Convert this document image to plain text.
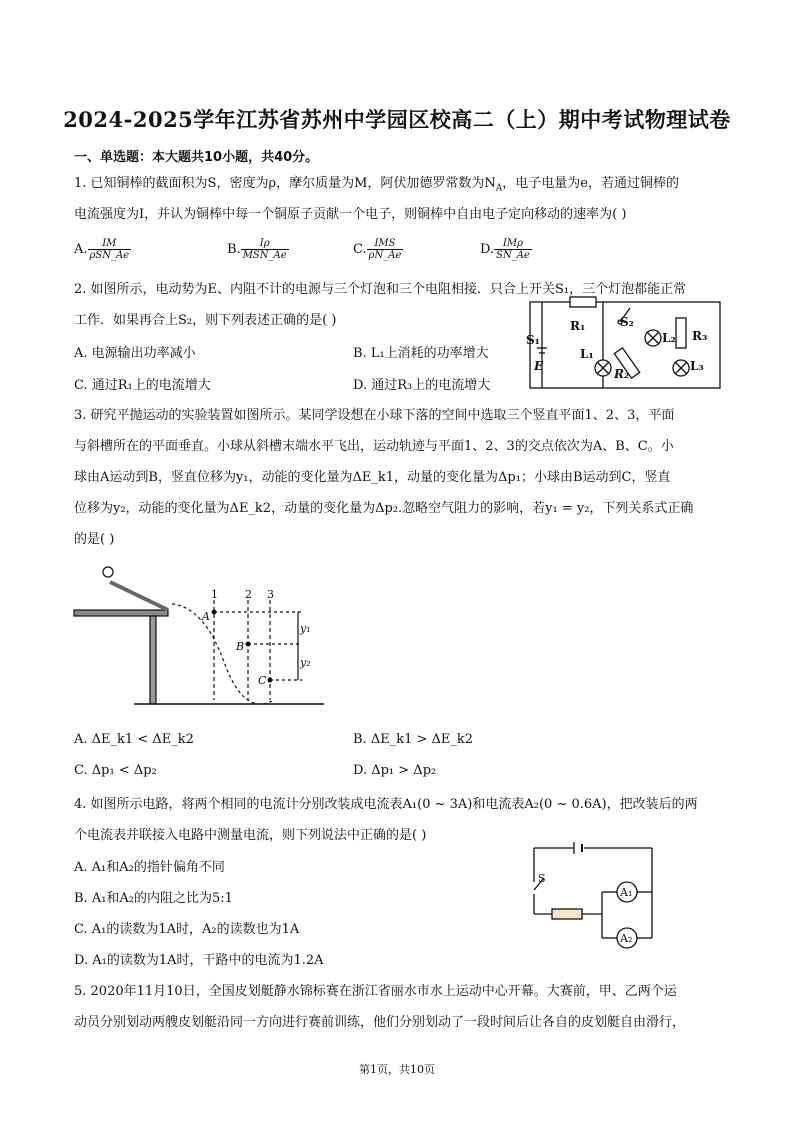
2024-2025学年江苏省苏州中学园区校高二（上）期中考试物理试卷
一、单选题：本大题共10小题，共40分。
1. 已知铜棒的截面积为S，密度为ρ，摩尔质量为M，阿伏加德罗常数为$N_A$，电子电量为e，若通过铜棒的
电流强度为I，并认为铜棒中每一个铜原子贡献一个电子，则铜棒中自由电子定向移动的速率为( )
A. $\frac{IM}{\text{ρSN\_Ae}}$	B. $\frac{I\rho}{\text{MSN\_Ae}}$	C. $\frac{\text{IMS}}{\rho N\_Ae}$	D. $\frac{\text{IMρ}}{SN\_Ae}$
2. 如图所示，电动势为E、内阻不计的电源与三个灯泡和三个电阻相接．只合上开关S₁，三个灯泡都能正常
工作．如果再合上S₂，则下列表述正确的是( )
A. 电源输出功率减小	B. L₁上消耗的功率增大
C. 通过R₁上的电流增大	D. 通过R₃上的电流增大
S₁
R₁	S₂
L₂ R₃
L₁
E
R₂
L₃
3. 研究平抛运动的实验装置如图所示。某同学设想在小球下落的空间中选取三个竖直平面1、2、3，平面
与斜槽所在的平面垂直。小球从斜槽末端水平飞出，运动轨迹与平面1、2、3的交点依次为A、B、C。小
球由A运动到B，竖直位移为y₁，动能的变化量为ΔE_k1，动量的变化量为Δp₁；小球由B运动到C，竖直
位移为y₂，动能的变化量为ΔE_k2，动量的变化量为Δp₂.忽略空气阻力的影响，若y₁ = y₂，下列关系式正确
的是( )
1 2 3
A
B
C
y₁
y₂
A. ΔE_k1 < ΔE_k2	B. ΔE_k1 > ΔE_k2
C. Δp₁ < Δp₂	D. Δp₁ > Δp₂
4. 如图所示电路，将两个相同的电流计分别改装成电流表A₁(0 ~ 3A)和电流表A₂(0 ~ 0.6A)，把改装后的两
个电流表并联接入电路中测量电流，则下列说法中正确的是( )
A. A₁和A₂的指针偏角不同
B. A₁和A₂的内阻之比为5:1
C. A₁的读数为1A时，A₂的读数也为1A
D. A₁的读数为1A时，干路中的电流为1.2A
S
A₁
A₂
5. 2020年11月10日，全国皮划艇静水锦标赛在浙江省丽水市水上运动中心开幕。大赛前，甲、乙两个运
动员分别划动两艘皮划艇沿同一方向进行赛前训练，他们分别划动了一段时间后让各自的皮划艇自由滑行，
第1页，共10页
